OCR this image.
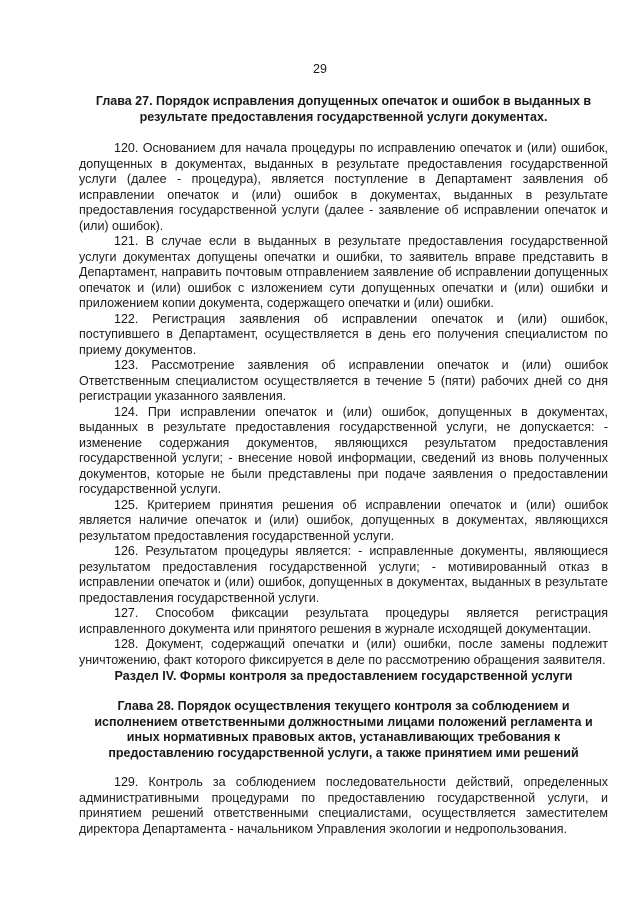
29
Глава 27. Порядок исправления допущенных опечаток и ошибок в выданных в результате предоставления государственной услуги документах.

120. Основанием для начала процедуры по исправлению опечаток и (или) ошибок, допущенных в документах, выданных в результате предоставления государственной услуги (далее - процедура), является поступление в Департамент заявления об исправлении опечаток и (или) ошибок в документах, выданных в результате предоставления государственной услуги (далее - заявление об исправлении опечаток и (или) ошибок).

121. В случае если в выданных в результате предоставления государственной услуги документах допущены опечатки и ошибки, то заявитель вправе представить в Департамент, направить почтовым отправлением заявление об исправлении допущенных опечаток и (или) ошибок с изложением сути допущенных опечатки и (или) ошибки и приложением копии документа, содержащего опечатки и (или) ошибки.

122. Регистрация заявления об исправлении опечаток и (или) ошибок, поступившего в Департамент, осуществляется в день его получения специалистом по приему документов.

123. Рассмотрение заявления об исправлении опечаток и (или) ошибок Ответственным специалистом осуществляется в течение 5 (пяти) рабочих дней со дня регистрации указанного заявления.

124. При исправлении опечаток и (или) ошибок, допущенных в документах, выданных в результате предоставления государственной услуги, не допускается: - изменение содержания документов, являющихся результатом предоставления государственной услуги; - внесение новой информации, сведений из вновь полученных документов, которые не были представлены при подаче заявления о предоставлении государственной услуги.

125. Критерием принятия решения об исправлении опечаток и (или) ошибок является наличие опечаток и (или) ошибок, допущенных в документах, являющихся результатом предоставления государственной услуги.

126. Результатом процедуры является: - исправленные документы, являющиеся результатом предоставления государственной услуги; - мотивированный отказ в исправлении опечаток и (или) ошибок, допущенных в документах, выданных в результате предоставления государственной услуги.

127. Способом фиксации результата процедуры является регистрация исправленного документа или принятого решения в журнале исходящей документации.

128. Документ, содержащий опечатки и (или) ошибки, после замены подлежит уничтожению, факт которого фиксируется в деле по рассмотрению обращения заявителя.

Раздел IV. Формы контроля за предоставлением государственной услуги
Глава 28. Порядок осуществления текущего контроля за соблюдением и исполнением ответственными должностными лицами положений регламента и иных нормативных правовых актов, устанавливающих требования к предоставлению государственной услуги, а также принятием ими решений

129. Контроль за соблюдением последовательности действий, определенных административными процедурами по предоставлению государственной услуги, и принятием решений ответственными специалистами, осуществляется заместителем директора Департамента - начальником Управления экологии и недропользования.
